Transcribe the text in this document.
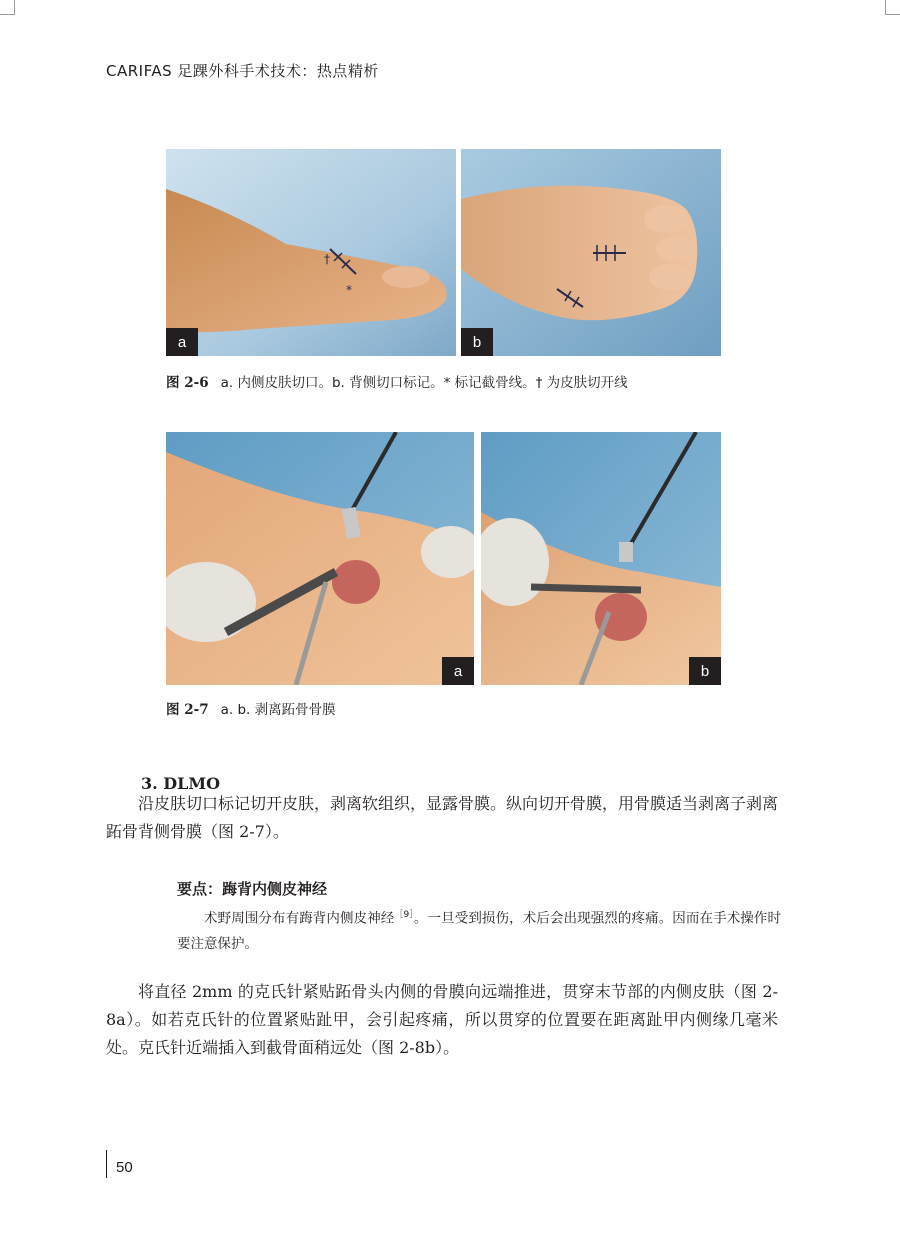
CARIFAS 足踝外科手术技术：热点精析
†
*
a	b
图 2-6 a. 内侧皮肤切口。b. 背侧切口标记。* 标记截骨线。† 为皮肤切开线
a	b
图 2-7 a. b. 剥离跖骨骨膜
3. DLMO

沿皮肤切口标记切开皮肤，剥离软组织，显露骨膜。纵向切开骨膜，用骨膜适当剥离子剥离跖骨背侧骨膜（图 2-7）。

要点：踇背内侧皮神经

术野周围分布有踇背内侧皮神经$^{[9]}$。一旦受到损伤，术后会出现强烈的疼痛。因而在手术操作时要注意保护。

将直径 2mm 的克氏针紧贴跖骨头内侧的骨膜向远端推进，贯穿末节部的内侧皮肤（图 2-8a）。如若克氏针的位置紧贴趾甲，会引起疼痛，所以贯穿的位置要在距离趾甲内侧缘几毫米处。克氏针近端插入到截骨面稍远处（图 2-8b）。

50
